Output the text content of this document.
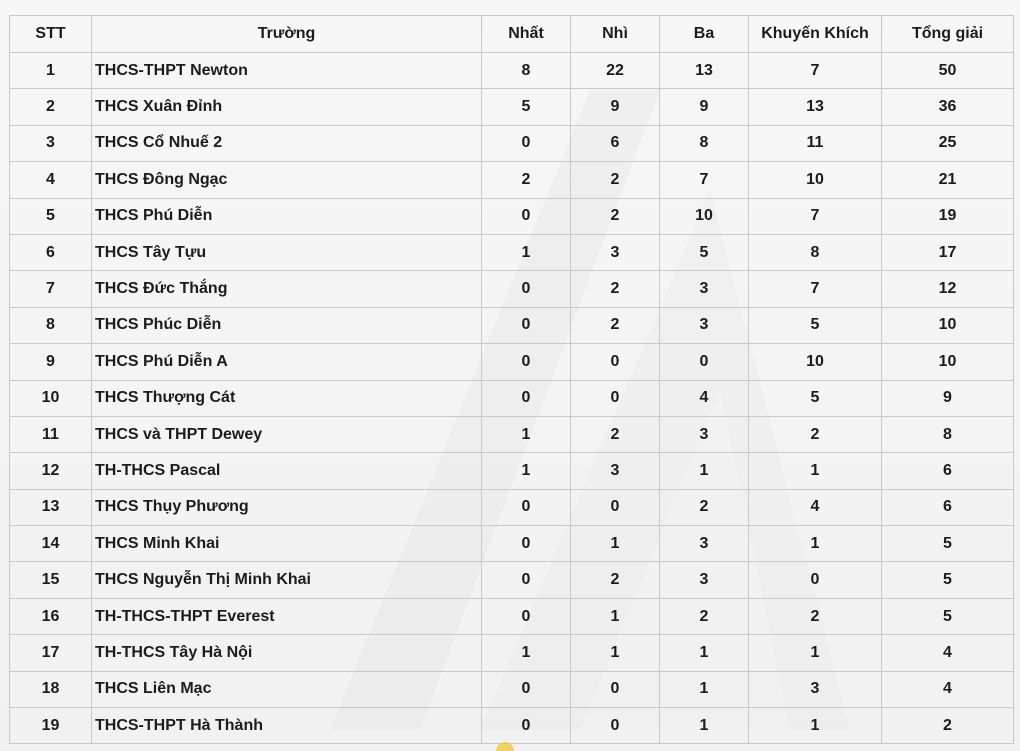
STT	Trường	Nhất	Nhì	Ba	Khuyến Khích	Tổng giải
1	THCS-THPT Newton	8	22	13	7	50
2	THCS Xuân Đỉnh	5	9	9	13	36
3	THCS Cổ Nhuế 2	0	6	8	11	25
4	THCS Đông Ngạc	2	2	7	10	21
5	THCS Phú Diễn	0	2	10	7	19
6	THCS Tây Tựu	1	3	5	8	17
7	THCS Đức Thắng	0	2	3	7	12
8	THCS Phúc Diễn	0	2	3	5	10
9	THCS Phú Diễn A	0	0	0	10	10
10	THCS Thượng Cát	0	0	4	5	9
11	THCS và THPT Dewey	1	2	3	2	8
12	TH-THCS Pascal	1	3	1	1	6
13	THCS Thụy Phương	0	0	2	4	6
14	THCS Minh Khai	0	1	3	1	5
15	THCS Nguyễn Thị Minh Khai	0	2	3	0	5
16	TH-THCS-THPT Everest	0	1	2	2	5
17	TH-THCS Tây Hà Nội	1	1	1	1	4
18	THCS Liên Mạc	0	0	1	3	4
19	THCS-THPT Hà Thành	0	0	1	1	2
